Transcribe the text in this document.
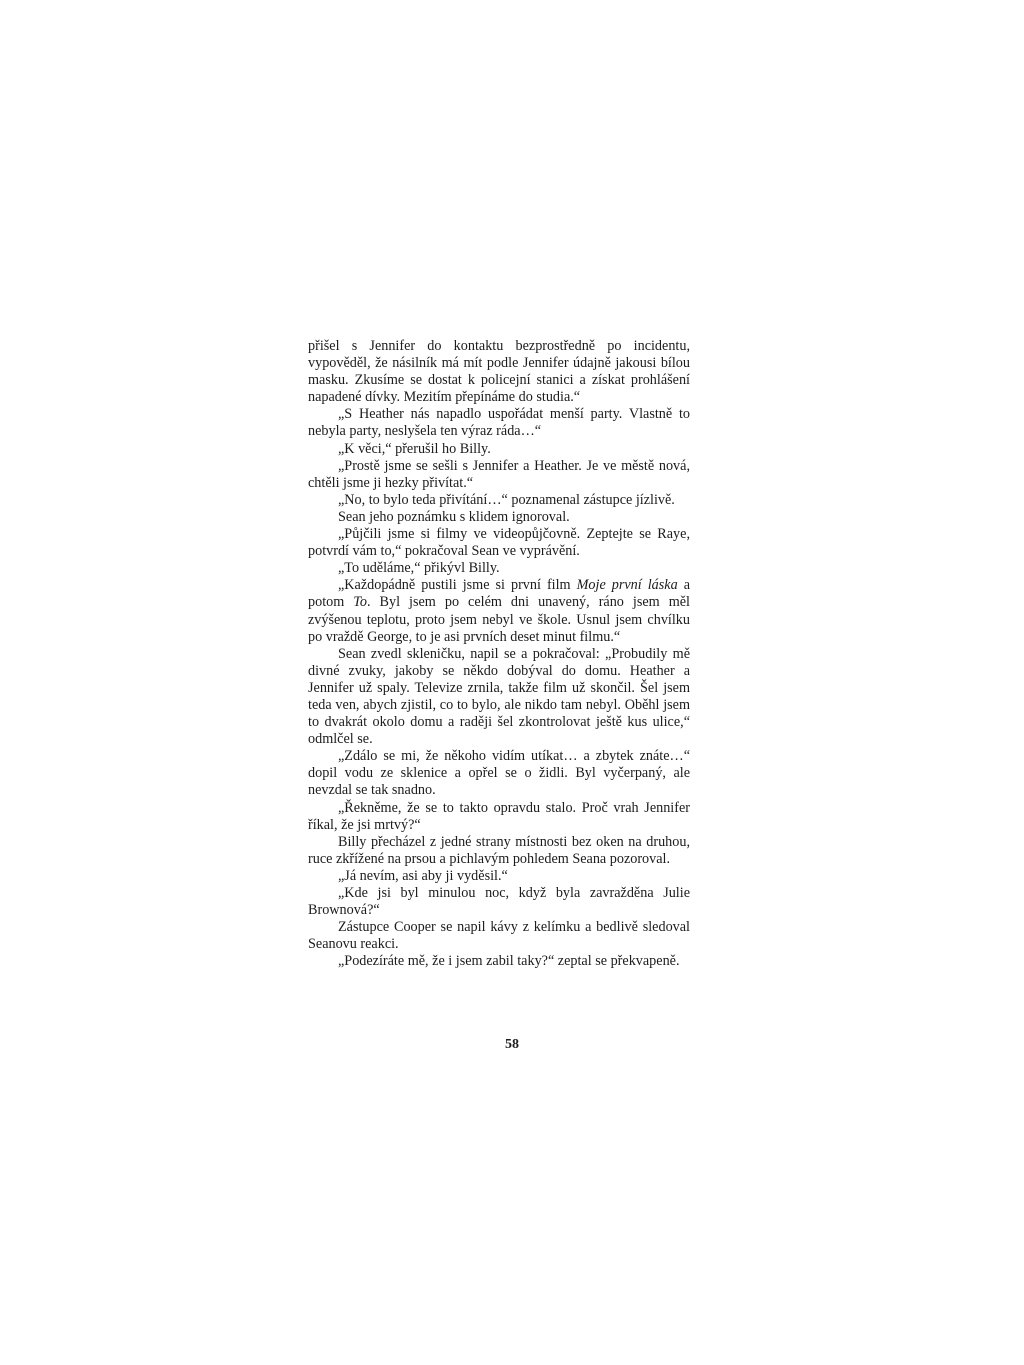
přišel s Jennifer do kontaktu bezprostředně po incidentu, vypověděl, že násilník má mít podle Jennifer údajně jakousi bílou masku. Zkusíme se dostat k policejní stanici a získat prohlášení napadené dívky. Mezitím přepínáme do studia.“

„S Heather nás napadlo uspořádat menší party. Vlastně to nebyla party, neslyšela ten výraz ráda…“

„K věci,“ přerušil ho Billy.

„Prostě jsme se sešli s Jennifer a Heather. Je ve městě nová, chtěli jsme ji hezky přivítat.“

„No, to bylo teda přivítání…“ poznamenal zástupce jízlivě.

Sean jeho poznámku s klidem ignoroval.

„Půjčili jsme si filmy ve videopůjčovně. Zeptejte se Raye, potvrdí vám to,“ pokračoval Sean ve vyprávění.

„To uděláme,“ přikývl Billy.

„Každopádně pustili jsme si první film Moje první láska a potom To. Byl jsem po celém dni unavený, ráno jsem měl zvýšenou teplotu, proto jsem nebyl ve škole. Usnul jsem chvílku po vraždě George, to je asi prvních deset minut filmu.“

Sean zvedl skleničku, napil se a pokračoval: „Probudily mě divné zvuky, jakoby se někdo dobýval do domu. Heather a Jennifer už spaly. Televize zrnila, takže film už skončil. Šel jsem teda ven, abych zjistil, co to bylo, ale nikdo tam nebyl. Oběhl jsem to dvakrát okolo domu a raději šel zkontrolovat ještě kus ulice,“ odmlčel se.

„Zdálo se mi, že někoho vidím utíkat… a zbytek znáte…“ dopil vodu ze sklenice a opřel se o židli. Byl vyčerpaný, ale nevzdal se tak snadno.

„Řekněme, že se to takto opravdu stalo. Proč vrah Jennifer říkal, že jsi mrtvý?“

Billy přecházel z jedné strany místnosti bez oken na druhou, ruce zkřížené na prsou a pichlavým pohledem Seana pozoroval.

„Já nevím, asi aby ji vyděsil.“

„Kde jsi byl minulou noc, když byla zavražděna Julie Brownová?“

Zástupce Cooper se napil kávy z kelímku a bedlivě sledoval Seanovu reakci.

„Podezíráte mě, že i jsem zabil taky?“ zeptal se překvapeně.

58
